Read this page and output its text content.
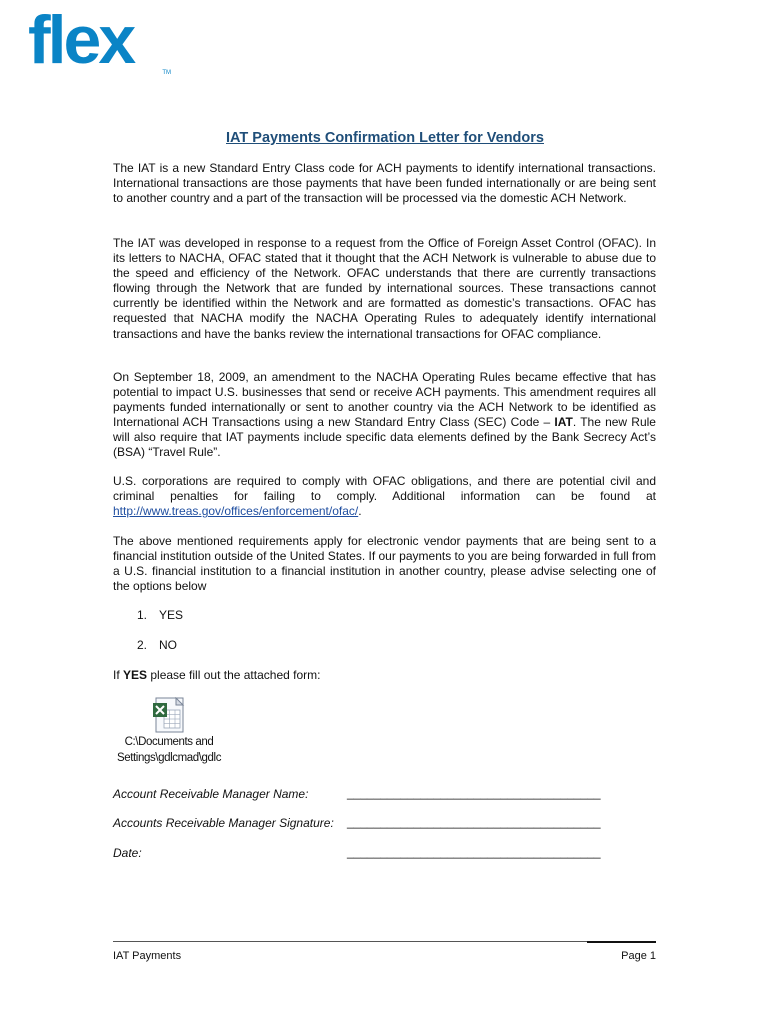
flex	TM
IAT Payments Confirmation Letter for Vendors

The IAT is a new Standard Entry Class code for ACH payments to identify international transactions. International transactions are those payments that have been funded internationally or are being sent to another country and a part of the transaction will be processed via the domestic ACH Network.

The IAT was developed in response to a request from the Office of Foreign Asset Control (OFAC). In its letters to NACHA, OFAC stated that it thought that the ACH Network is vulnerable to abuse due to the speed and efficiency of the Network. OFAC understands that there are currently transactions flowing through the Network that are funded by international sources. These transactions cannot currently be identified within the Network and are formatted as domestic’s transactions. OFAC has requested that NACHA modify the NACHA Operating Rules to adequately identify international transactions and have the banks review the international transactions for OFAC compliance.

On September 18, 2009, an amendment to the NACHA Operating Rules became effective that has potential to impact U.S. businesses that send or receive ACH payments. This amendment requires all payments funded internationally or sent to another country via the ACH Network to be identified as International ACH Transactions using a new Standard Entry Class (SEC) Code – IAT. The new Rule will also require that IAT payments include specific data elements defined by the Bank Secrecy Act’s (BSA) “Travel Rule”.

U.S. corporations are required to comply with OFAC obligations, and there are potential civil and criminal penalties for failing to comply. Additional information can be found at http://www.treas.gov/offices/enforcement/ofac/.

The above mentioned requirements apply for electronic vendor payments that are being sent to a financial institution outside of the United States. If our payments to you are being forwarded in full from a U.S. financial institution to a financial institution in another country, please advise selecting one of the options below

1. YES
2. NO
If YES please fill out the attached form:
C:\Documents and
Settings\gdlcmad\gdlc
Account Receivable Manager Name:	______________________________________
Accounts Receivable Manager Signature: ______________________________________
Date:	______________________________________
IAT Payments	Page 1
